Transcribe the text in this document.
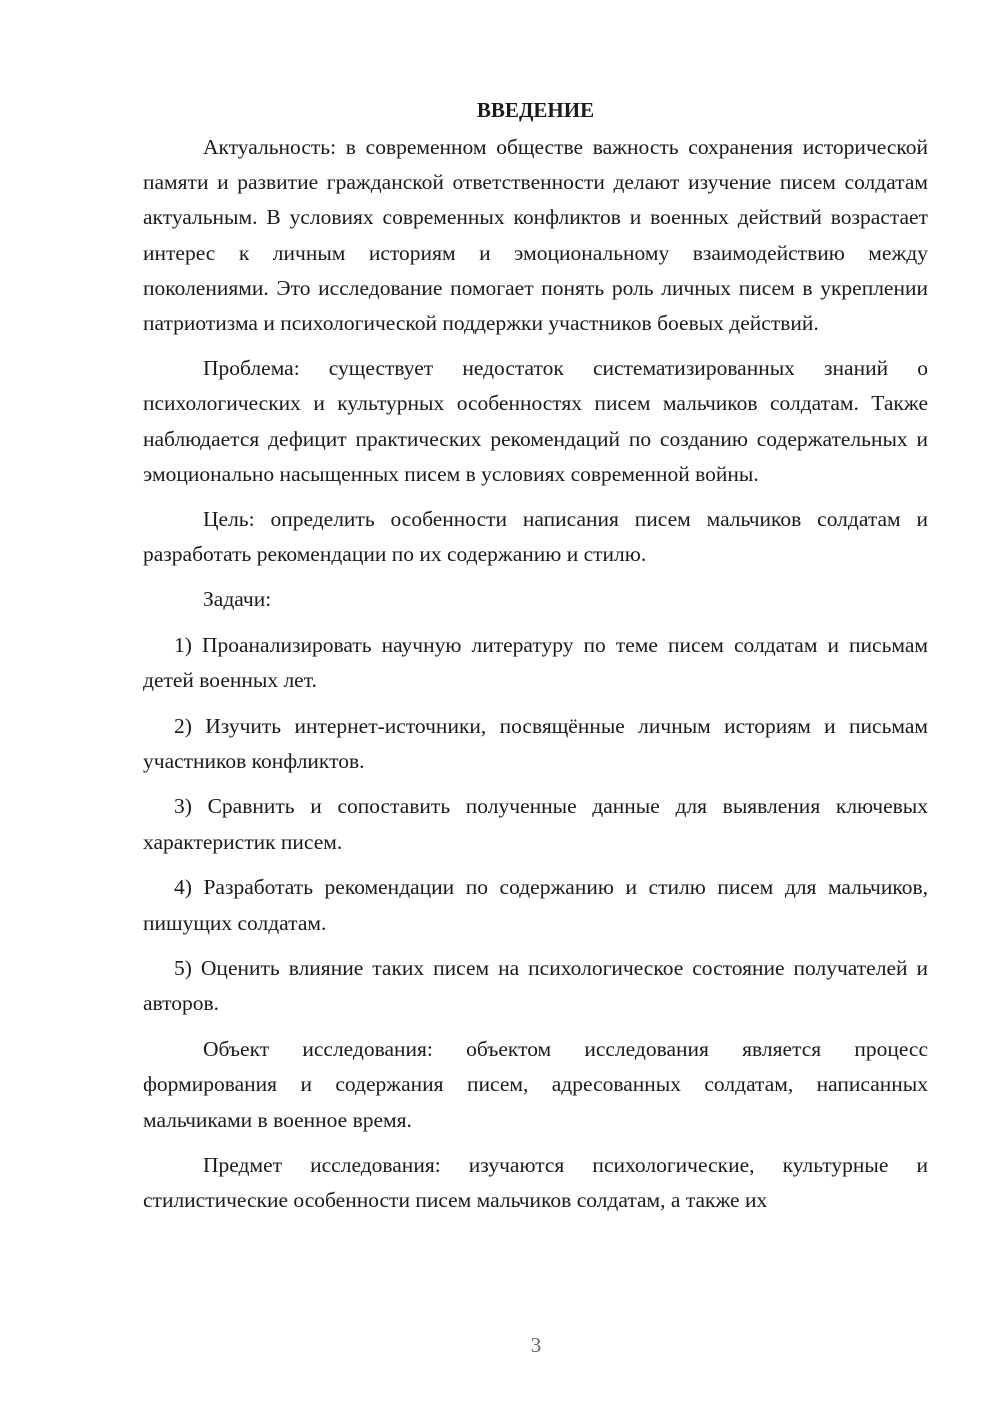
ВВЕДЕНИЕ

Актуальность: в современном обществе важность сохранения исторической памяти и развитие гражданской ответственности делают изучение писем солдатам актуальным. В условиях современных конфликтов и военных действий возрастает интерес к личным историям и эмоциональному взаимодействию между поколениями. Это исследование помогает понять роль личных писем в укреплении патриотизма и психологической поддержки участников боевых действий.

Проблема: существует недостаток систематизированных знаний о психологических и культурных особенностях писем мальчиков солдатам. Также наблюдается дефицит практических рекомендаций по созданию содержательных и эмоционально насыщенных писем в условиях современной войны.

Цель: определить особенности написания писем мальчиков солдатам и разработать рекомендации по их содержанию и стилю.

Задачи:

1) Проанализировать научную литературу по теме писем солдатам и письмам детей военных лет.

2) Изучить интернет-источники, посвящённые личным историям и письмам участников конфликтов.

3) Сравнить и сопоставить полученные данные для выявления ключевых характеристик писем.

4) Разработать рекомендации по содержанию и стилю писем для мальчиков, пишущих солдатам.

5) Оценить влияние таких писем на психологическое состояние получателей и авторов.

Объект исследования: объектом исследования является процесс формирования и содержания писем, адресованных солдатам, написанных мальчиками в военное время.

Предмет исследования: изучаются психологические, культурные и стилистические особенности писем мальчиков солдатам, а также их

3
